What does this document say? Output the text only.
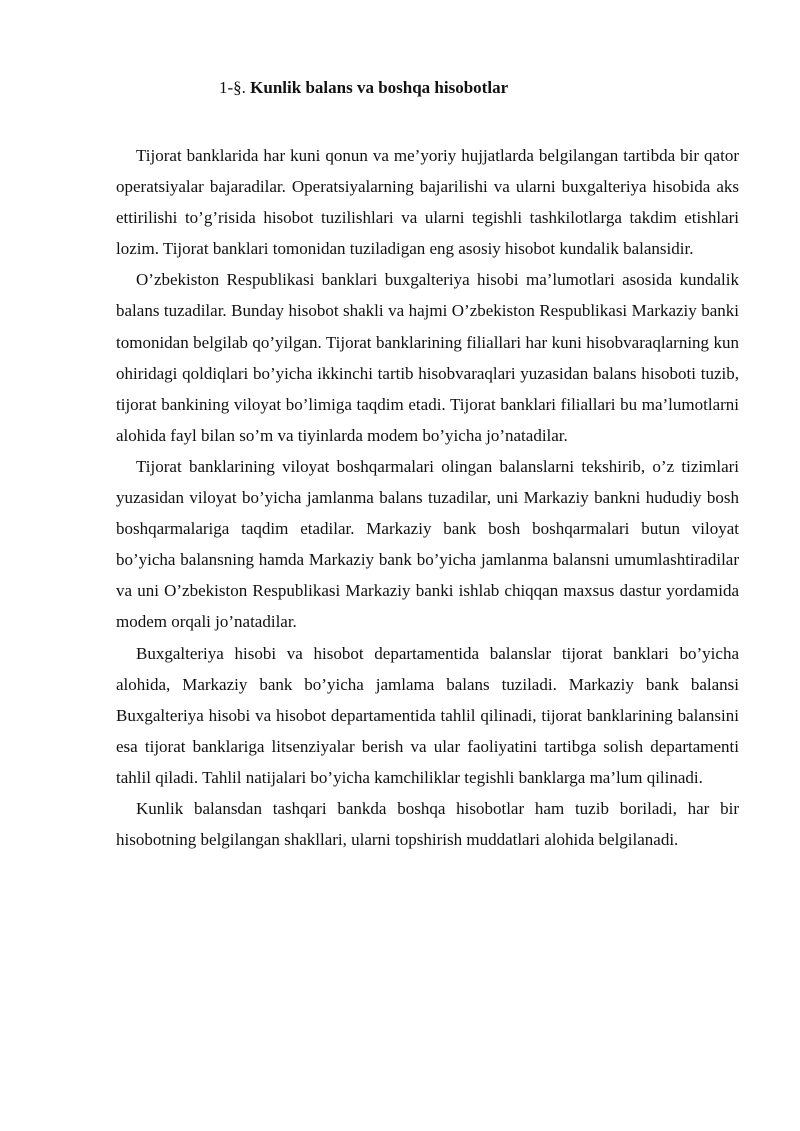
1-§. Kunlik balans va boshqa hisobotlar

Tijorat banklarida har kuni qonun va me’yoriy hujjatlarda belgilangan tartibda bir qator operatsiyalar bajaradilar. Operatsiyalarning bajarilishi va ularni buxgalteriya hisobida aks ettirilishi to’g’risida hisobot tuzilishlari va ularni tegishli tashkilotlarga takdim etishlari lozim. Tijorat banklari tomonidan tuziladigan eng asosiy hisobot kundalik balansidir.

O’zbekiston Respublikasi banklari buxgalteriya hisobi ma’lumotlari asosida kundalik balans tuzadilar. Bunday hisobot shakli va hajmi O’zbekiston Respublikasi Markaziy banki tomonidan belgilab qo’yilgan. Tijorat banklarining filiallari har kuni hisobvaraqlarning kun ohiridagi qoldiqlari bo’yicha ikkinchi tartib hisobvaraqlari yuzasidan balans hisoboti tuzib, tijorat bankining viloyat bo’limiga taqdim etadi. Tijorat banklari filiallari bu ma’lumotlarni alohida fayl bilan so’m va tiyinlarda modem bo’yicha jo’natadilar.

Tijorat banklarining viloyat boshqarmalari olingan balanslarni tekshirib, o’z tizimlari yuzasidan viloyat bo’yicha jamlanma balans tuzadilar, uni Markaziy bankni hududiy bosh boshqarmalariga taqdim etadilar. Markaziy bank bosh boshqarmalari butun viloyat bo’yicha balansning hamda Markaziy bank bo’yicha jamlanma balansni umumlashtiradilar va uni O’zbekiston Respublikasi Markaziy banki ishlab chiqqan maxsus dastur yordamida modem orqali jo’natadilar.

Buxgalteriya hisobi va hisobot departamentida balanslar tijorat banklari bo’yicha alohida, Markaziy bank bo’yicha jamlama balans tuziladi. Markaziy bank balansi Buxgalteriya hisobi va hisobot departamentida tahlil qilinadi, tijorat banklarining balansini esa tijorat banklariga litsenziyalar berish va ular faoliyatini tartibga solish departamenti tahlil qiladi. Tahlil natijalari bo’yicha kamchiliklar tegishli banklarga ma’lum qilinadi.

Kunlik balansdan tashqari bankda boshqa hisobotlar ham tuzib boriladi, har bir hisobotning belgilangan shakllari, ularni topshirish muddatlari alohida belgilanadi.
